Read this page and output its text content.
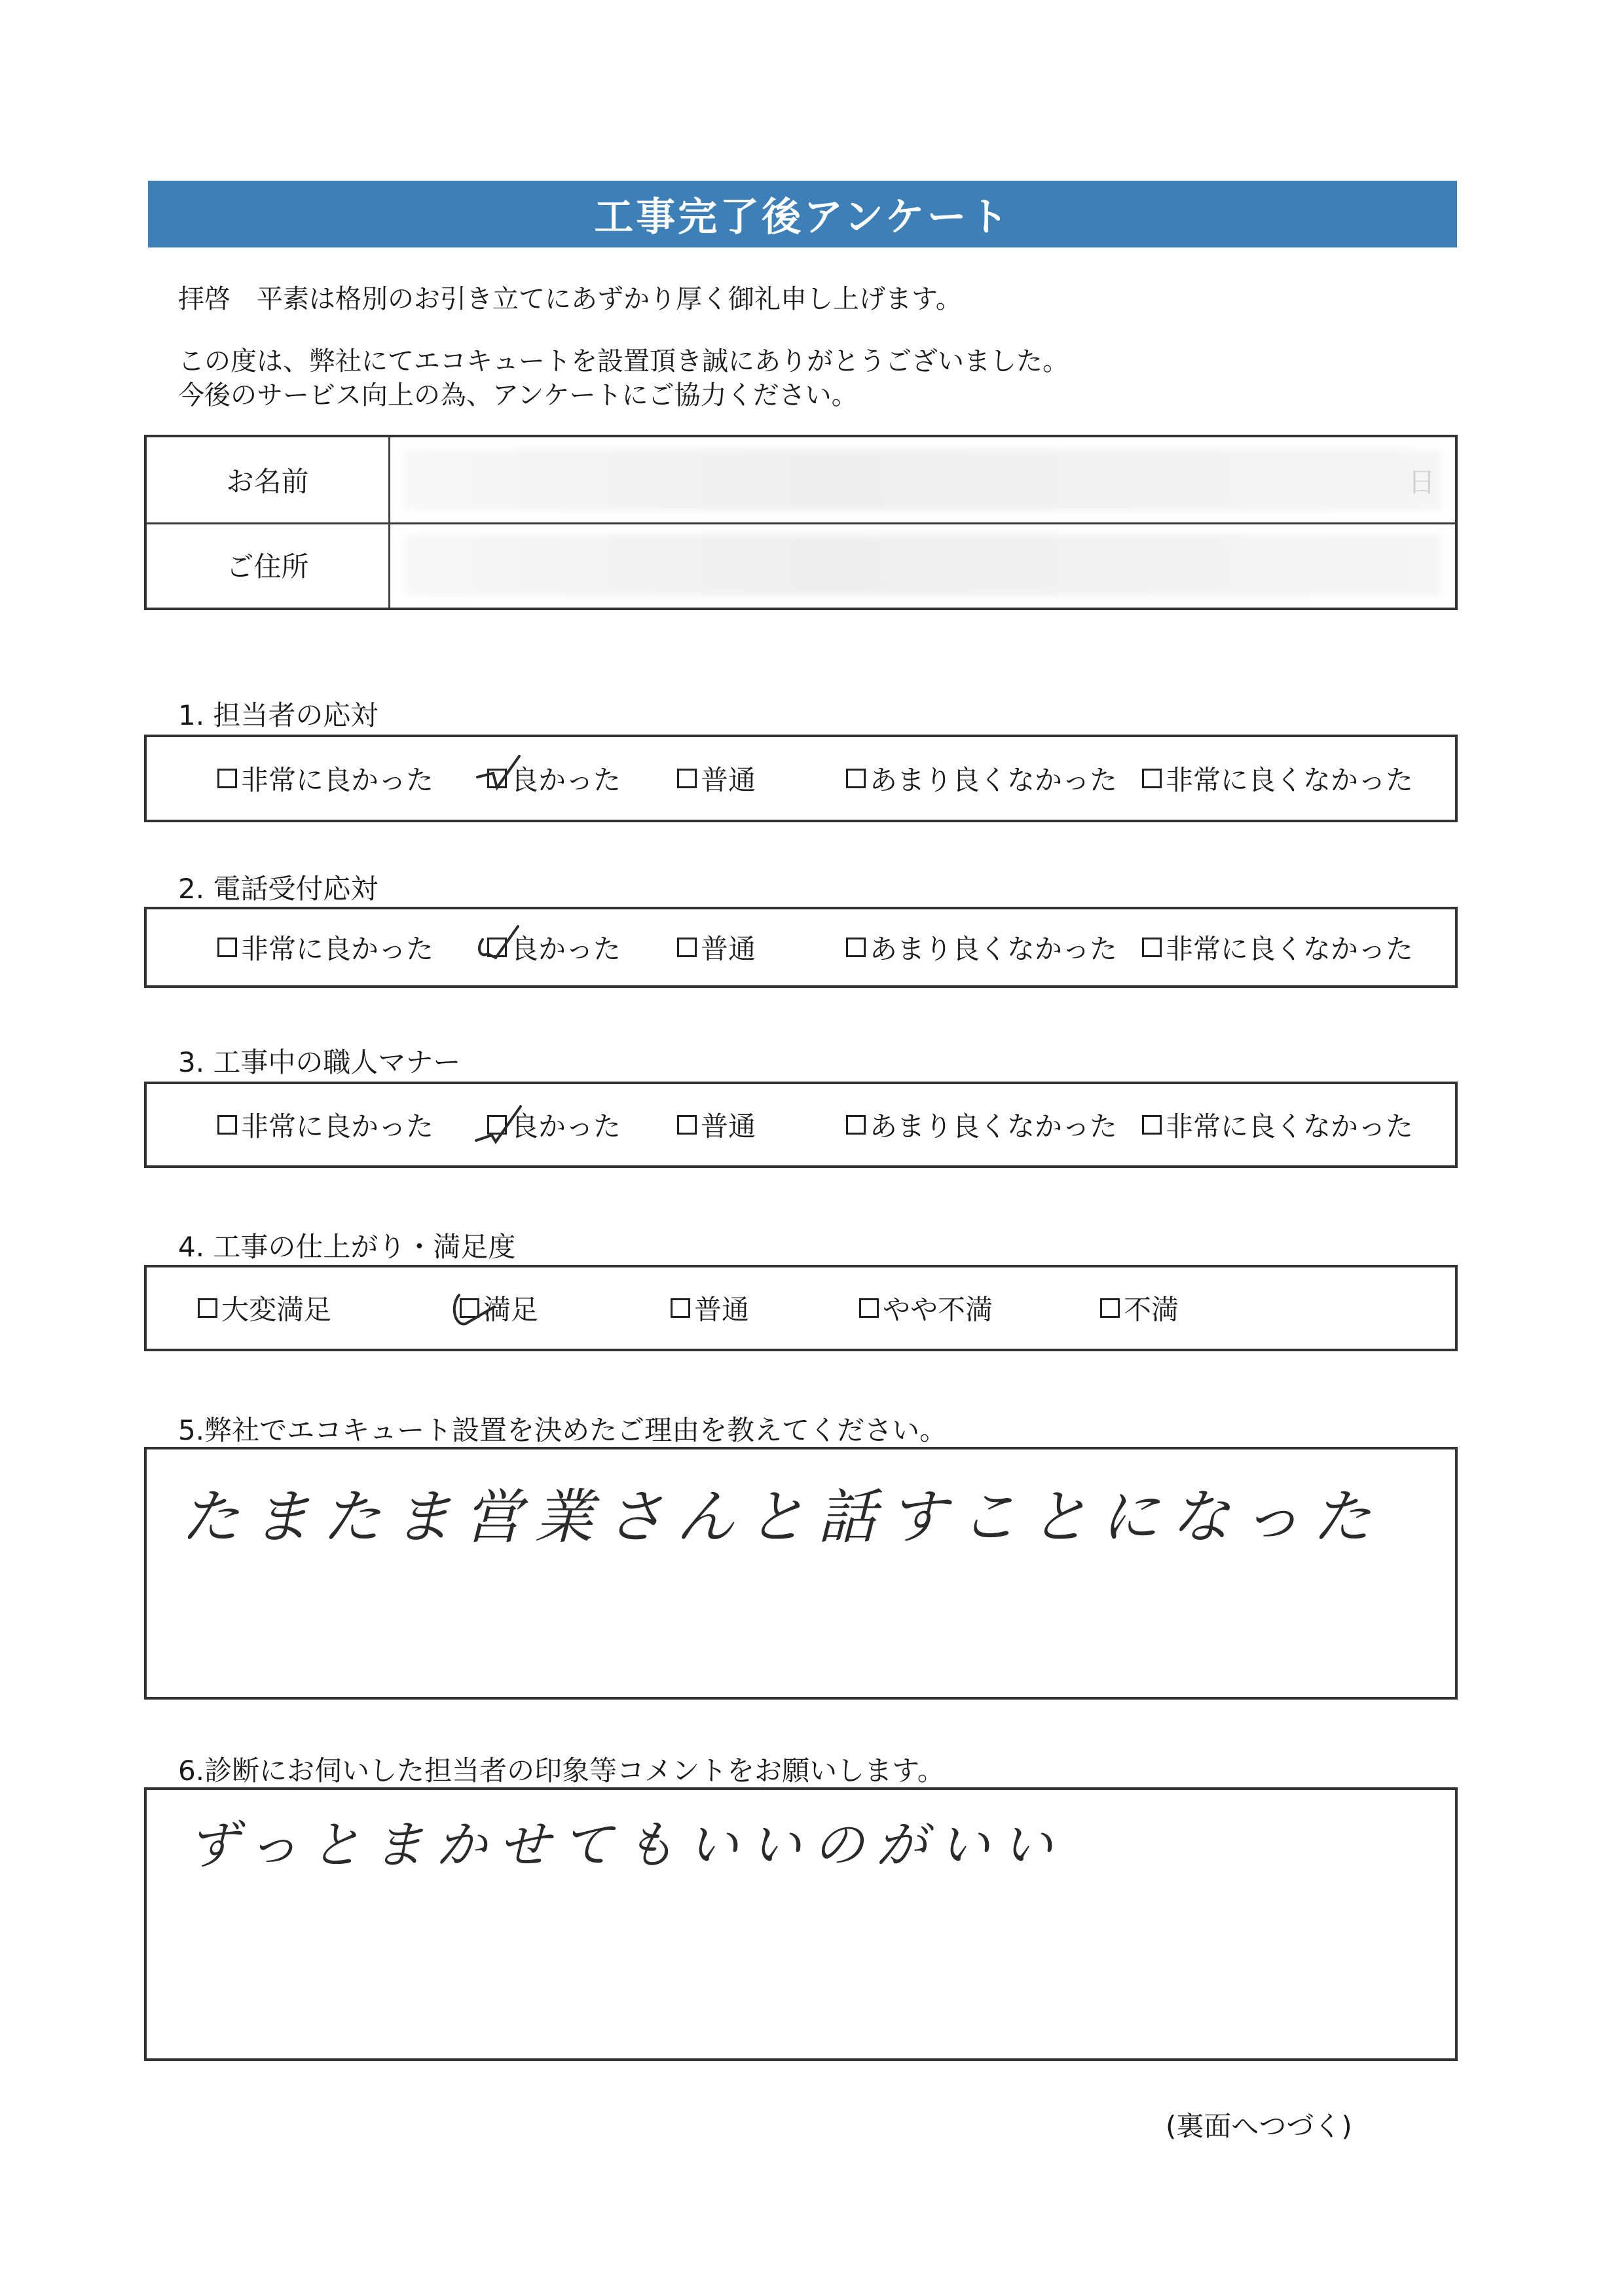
工事完了後アンケート
拝啓　平素は格別のお引き立てにあずかり厚く御礼申し上げます。
この度は、弊社にてエコキュートを設置頂き誠にありがとうございました。
今後のサービス向上の為、アンケートにご協力ください。
お名前	日
ご住所
1. 担当者の応対
非常に良かった	良かった	普通	あまり良くなかった 非常に良くなかった
2. 電話受付応対
非常に良かった	良かった	普通	あまり良くなかった 非常に良くなかった
3. 工事中の職人マナー
非常に良かった	良かった	普通	あまり良くなかった 非常に良くなかった
4. 工事の仕上がり・満足度
大変満足	満足	普通	やや不満	不満
5.弊社でエコキュート設置を決めたご理由を教えてください。
たまたま営業さんと話すことになった
6.診断にお伺いした担当者の印象等コメントをお願いします。
ずっとまかせてもいいのがいい
(裏面へつづく)
